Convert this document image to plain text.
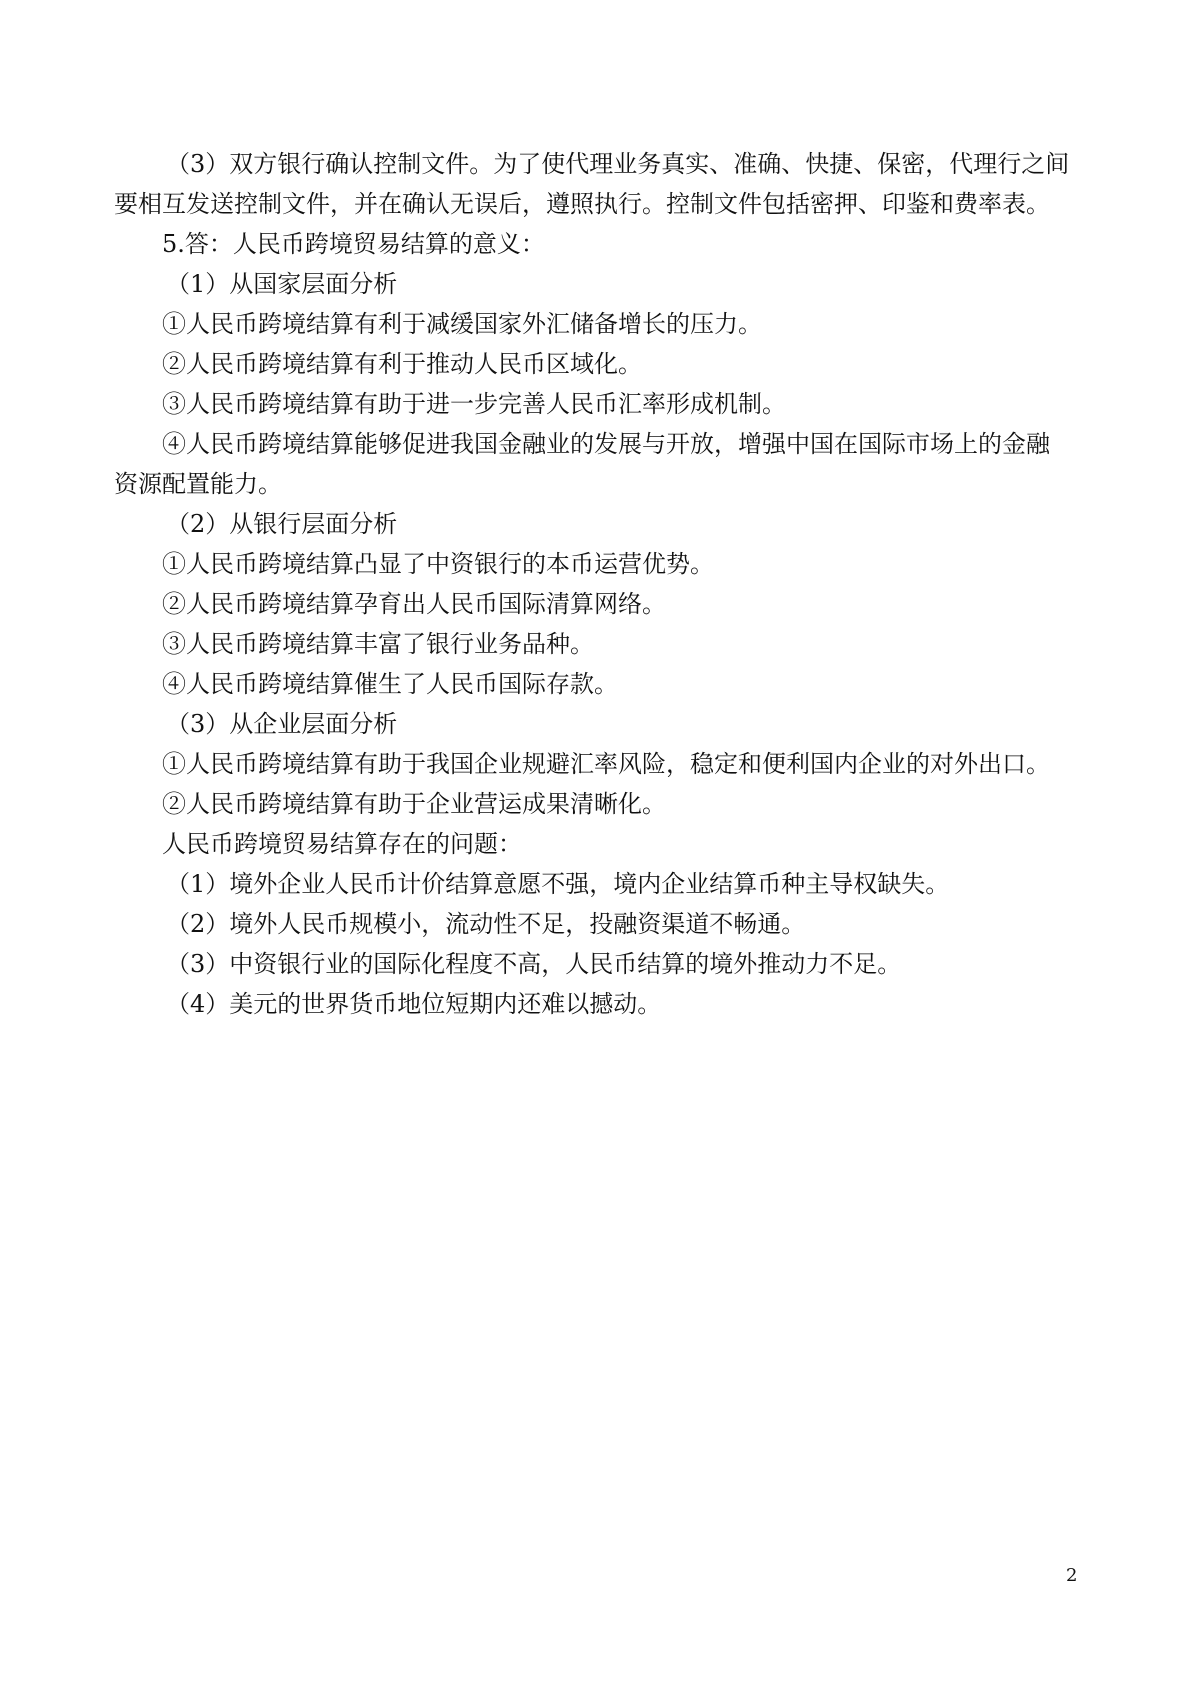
（3）双方银行确认控制文件。为了使代理业务真实、准确、快捷、保密，代理行之间
要相互发送控制文件，并在确认无误后，遵照执行。控制文件包括密押、印鉴和费率表。
5.答：人民币跨境贸易结算的意义：
（1）从国家层面分析
①人民币跨境结算有利于减缓国家外汇储备增长的压力。
②人民币跨境结算有利于推动人民币区域化。
③人民币跨境结算有助于进一步完善人民币汇率形成机制。
④人民币跨境结算能够促进我国金融业的发展与开放，增强中国在国际市场上的金融
资源配置能力。
（2）从银行层面分析
①人民币跨境结算凸显了中资银行的本币运营优势。
②人民币跨境结算孕育出人民币国际清算网络。
③人民币跨境结算丰富了银行业务品种。
④人民币跨境结算催生了人民币国际存款。
（3）从企业层面分析
①人民币跨境结算有助于我国企业规避汇率风险，稳定和便利国内企业的对外出口。
②人民币跨境结算有助于企业营运成果清晰化。
人民币跨境贸易结算存在的问题：
（1）境外企业人民币计价结算意愿不强，境内企业结算币种主导权缺失。
（2）境外人民币规模小，流动性不足，投融资渠道不畅通。
（3）中资银行业的国际化程度不高，人民币结算的境外推动力不足。
（4）美元的世界货币地位短期内还难以撼动。
2
